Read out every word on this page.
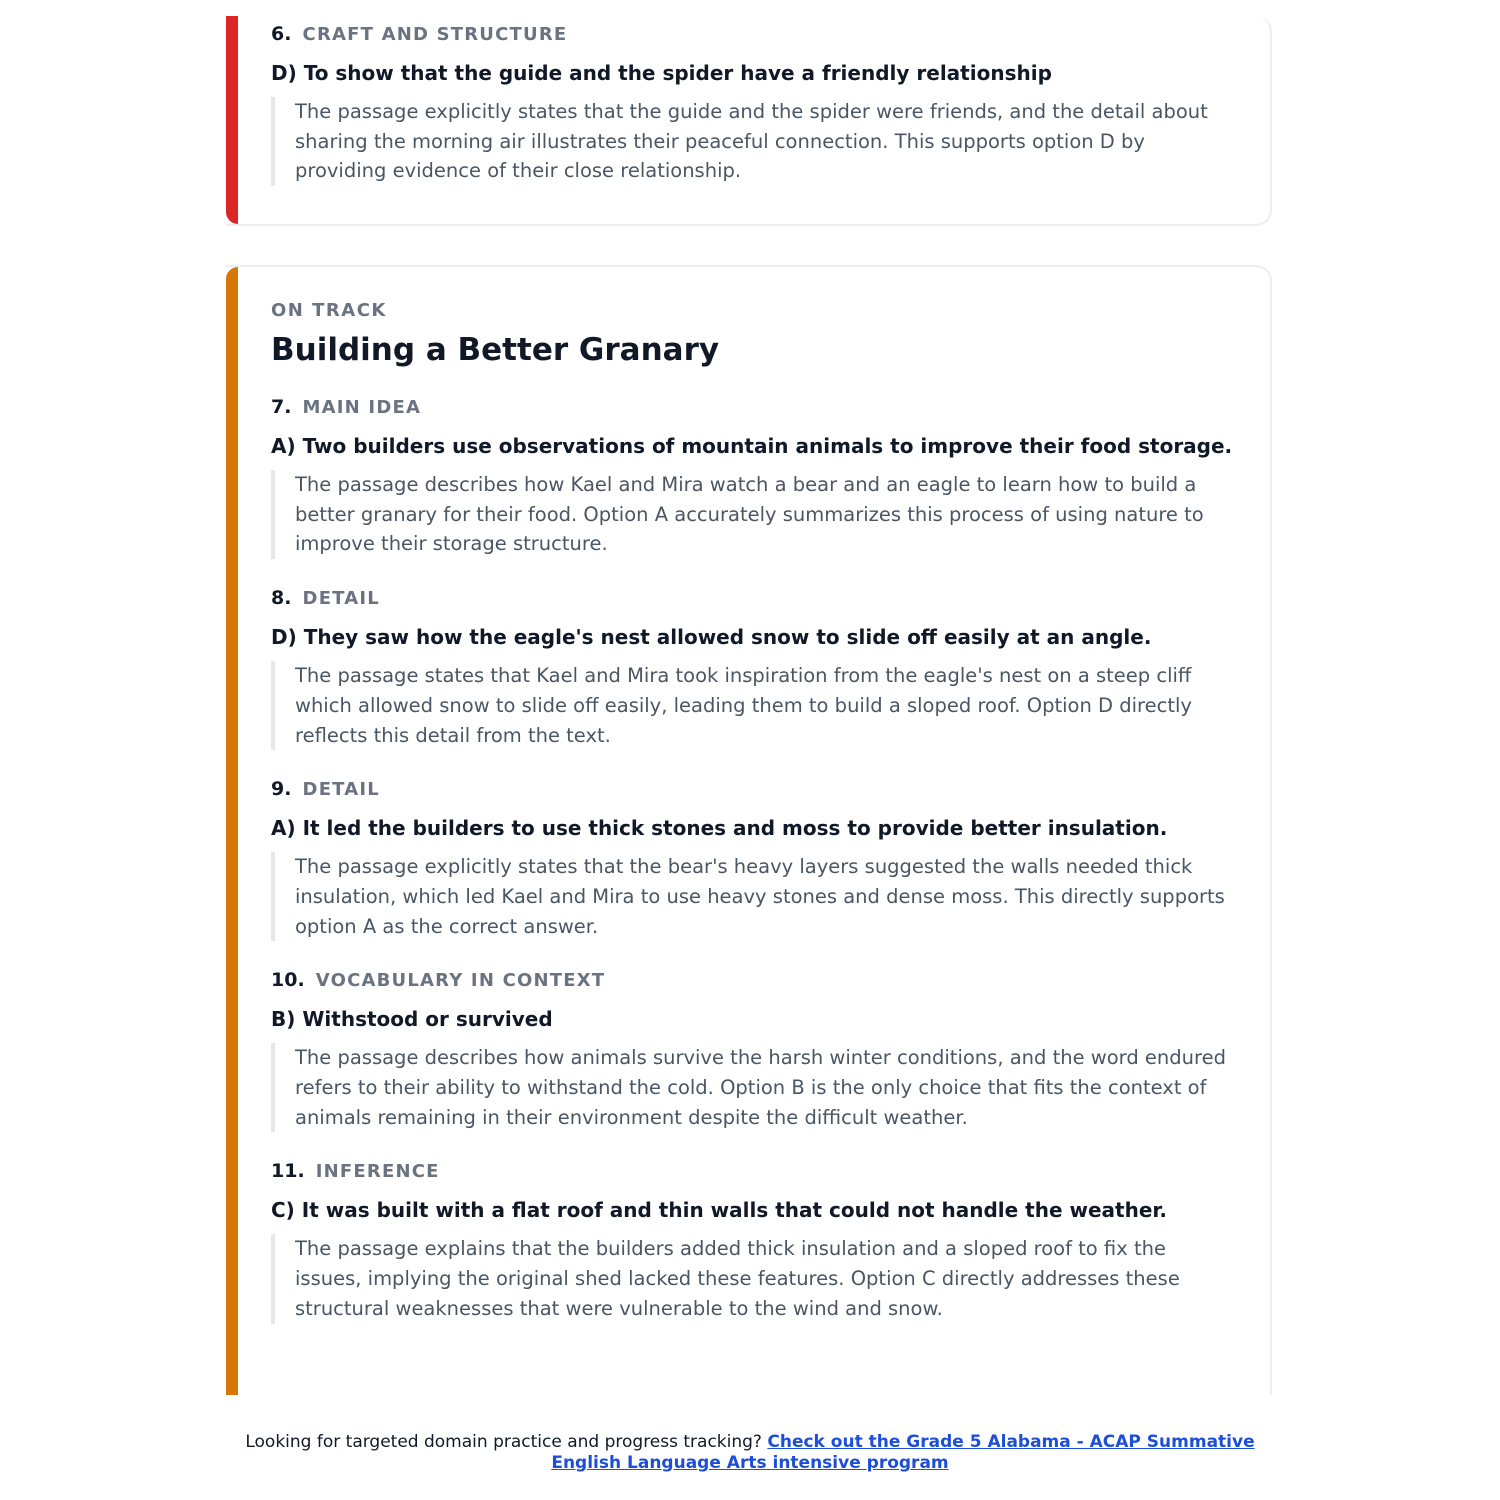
6. CRAFT AND STRUCTURE

D) To show that the guide and the spider have a friendly relationship

The passage explicitly states that the guide and the spider were friends, and the detail about sharing the morning air illustrates their peaceful connection. This supports option D by providing evidence of their close relationship.

ON TRACK

Building a Better Granary

7. MAIN IDEA

A) Two builders use observations of mountain animals to improve their food storage.

The passage describes how Kael and Mira watch a bear and an eagle to learn how to build a better granary for their food. Option A accurately summarizes this process of using nature to improve their storage structure.

8. DETAIL

D) They saw how the eagle's nest allowed snow to slide off easily at an angle.

The passage states that Kael and Mira took inspiration from the eagle's nest on a steep cliff which allowed snow to slide off easily, leading them to build a sloped roof. Option D directly reflects this detail from the text.

9. DETAIL

A) It led the builders to use thick stones and moss to provide better insulation.

The passage explicitly states that the bear's heavy layers suggested the walls needed thick insulation, which led Kael and Mira to use heavy stones and dense moss. This directly supports option A as the correct answer.

10. VOCABULARY IN CONTEXT

B) Withstood or survived

The passage describes how animals survive the harsh winter conditions, and the word endured refers to their ability to withstand the cold. Option B is the only choice that fits the context of animals remaining in their environment despite the difficult weather.

11. INFERENCE

C) It was built with a flat roof and thin walls that could not handle the weather.

The passage explains that the builders added thick insulation and a sloped roof to fix the issues, implying the original shed lacked these features. Option C directly addresses these structural weaknesses that were vulnerable to the wind and snow.

Looking for targeted domain practice and progress tracking? Check out the Grade 5 Alabama - ACAP Summative English Language Arts intensive program
